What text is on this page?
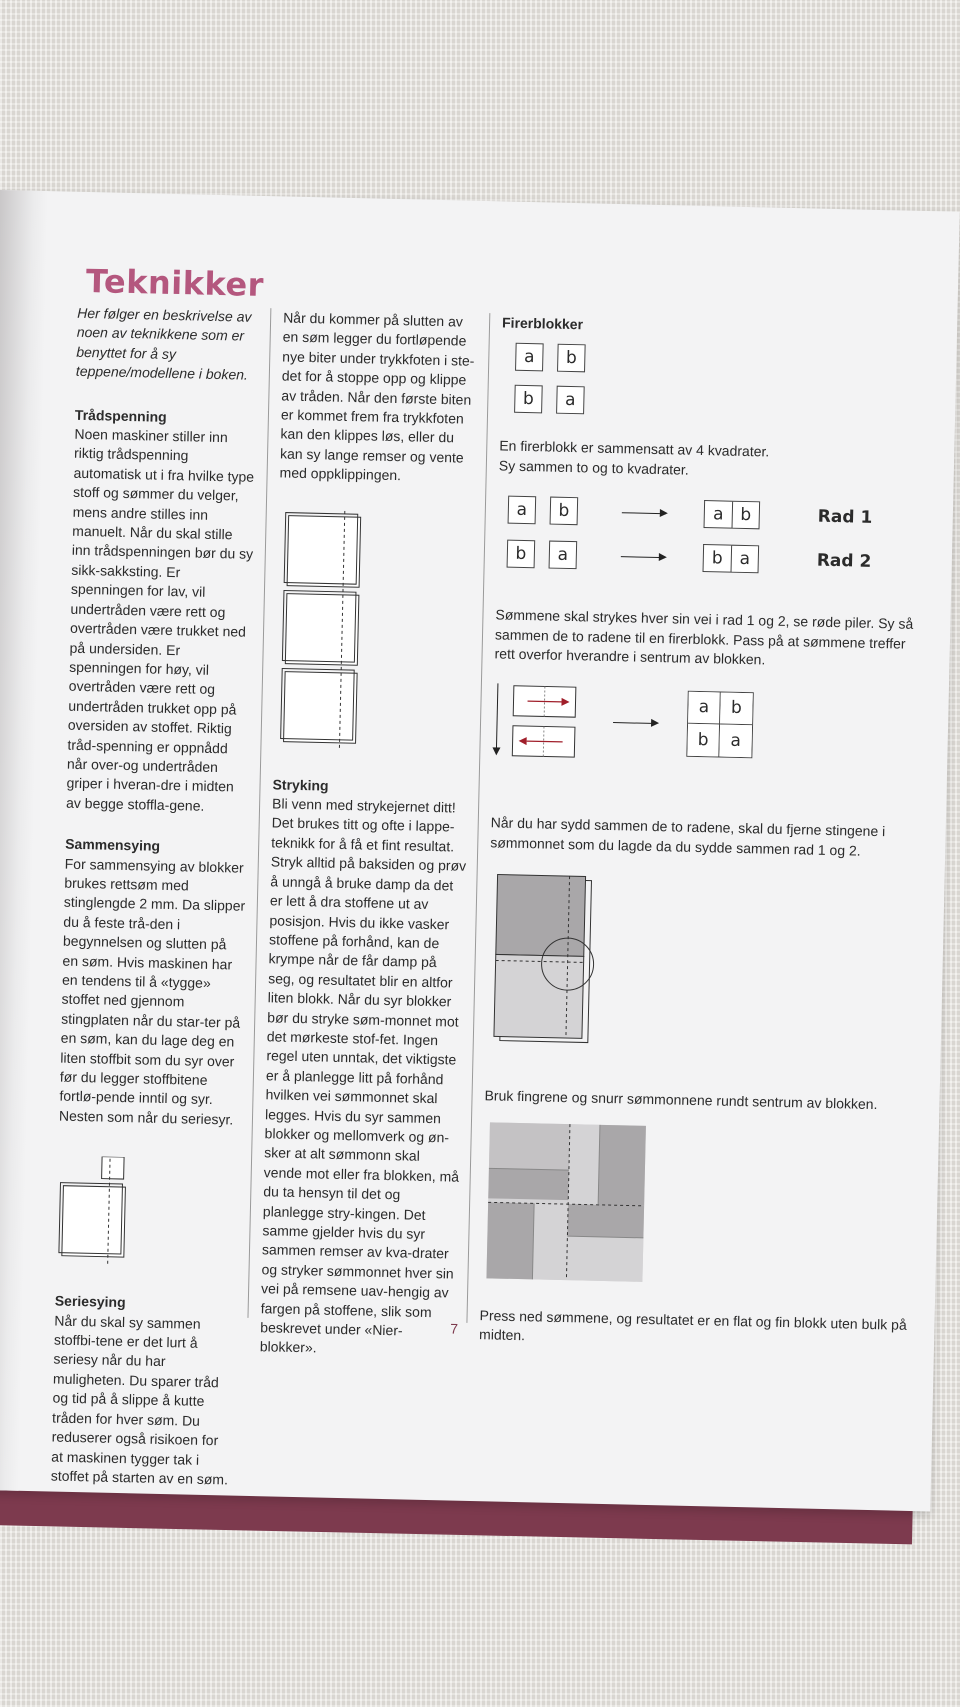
Teknikker

Her følger en beskrivelse av noen av teknikkene som er benyttet for å sy teppene/modellene i boken.

Trådspenning

Noen maskiner stiller inn riktig trådspenning automatisk ut i fra hvilke type stoff og sømmer du velger, mens andre stilles inn manuelt. Når du skal stille inn trådspenningen bør du sy sikk-sakksting. Er spenningen for lav, vil undertråden være rett og overtråden være trukket ned på undersiden. Er spenningen for høy, vil overtråden være rett og undertråden trukket opp på oversiden av stoffet. Riktig tråd-spenning er oppnådd når over-og undertråden griper i hveran-dre i midten av begge stoffla-gene.

Sammensying

For sammensying av blokker brukes rettsøm med stinglengde 2 mm. Da slipper du å feste trå-den i begynnelsen og slutten på en søm. Hvis maskinen har en tendens til å «tygge» stoffet ned gjennom stingplaten når du star-ter på en søm, kan du lage deg en liten stoffbit som du syr over før du legger stoffbitene fortlø-pende inntil og syr. Nesten som når du seriesyr.

Seriesying

Når du skal sy sammen stoffbi-tene er det lurt å seriesy når du har muligheten. Du sparer tråd og tid på å slippe å kutte tråden for hver søm. Du reduserer også risikoen for at maskinen tygger tak i stoffet på starten av en søm.

Når du kommer på slutten av en søm legger du fortløpende nye biter under trykkfoten i ste-det for å stoppe opp og klippe av tråden. Når den første biten er kommet frem fra trykkfoten kan den klippes løs, eller du kan sy lange remser og vente med oppklippingen.

Stryking

Bli venn med strykejernet ditt! Det brukes titt og ofte i lappe-teknikk for å få et fint resultat. Stryk alltid på baksiden og prøv å unngå å bruke damp da det er lett å dra stoffene ut av posisjon. Hvis du ikke vasker stoffene på forhånd, kan de krympe når de får damp på seg, og resultatet blir en altfor liten blokk. Når du syr blokker bør du stryke søm-monnet mot det mørkeste stof-fet. Ingen regel uten unntak, det viktigste er å planlegge litt på forhånd hvilken vei sømmonnet skal legges. Hvis du syr sammen blokker og mellomverk og øn-sker at alt sømmonn skal vende mot eller fra blokken, må du ta hensyn til det og planlegge stry-kingen. Det samme gjelder hvis du syr sammen remser av kva-drater og stryker sømmonnet hver sin vei på remsene uav-hengig av fargen på stoffene, slik som beskrevet under «Nier-blokker».

Firerblokker

a	b
b	a

En firerblokk er sammensatt av 4 kvadrater. Sy sammen to og to kvadrater.

a	b	a b	Rad 1
b	a	b a	Rad 2

Sømmene skal strykes hver sin vei i rad 1 og 2, se røde piler. Sy så sammen de to radene til en firerblokk. Pass på at sømmene treffer rett overfor hverandre i sentrum av blokken.

a	b
b	a

Når du har sydd sammen de to radene, skal du fjerne stingene i sømmonnet som du lagde da du sydde sammen rad 1 og 2.

Bruk fingrene og snurr sømmonnene rundt sentrum av blokken.

Press ned sømmene, og resultatet er en flat og fin blokk uten bulk på midten.

7
